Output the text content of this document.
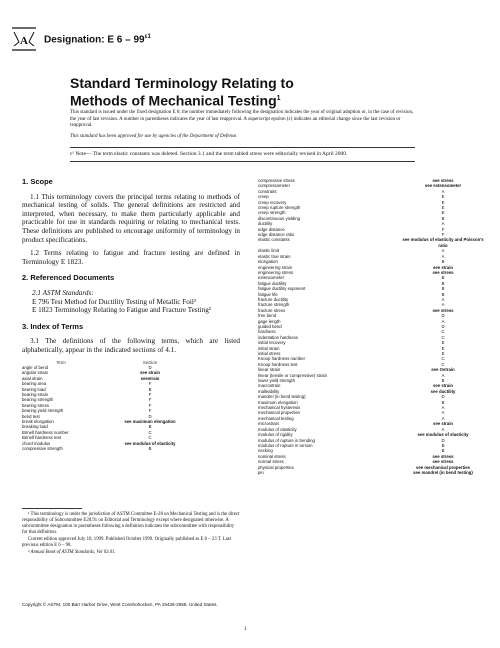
A Designation: E $6 - 99^{\varepsilon 1}$
Standard Terminology Relating to
Methods of Mechanical Testing$^1$

This standard is issued under the fixed designation E 6; the number immediately following the designation indicates the year of original adoption or, in the case of revision, the year of last revision. A number in parentheses indicates the year of last reapproval. A superscript epsilon (ε) indicates an editorial change since the last revision or reapproval.

This standard has been approved for use by agencies of the Department of Defense.

ε¹ Note— The term elastic constants was deleted. Section 3.1 and the term tabled stress were editorially revised in April 2000.
1. Scope

1.1 This terminology covers the principal terms relating to methods of mechanical testing of solids. The general definitions are restricted and interpreted, when necessary, to make them particularly applicable and practicable for use in standards requiring or relating to mechanical tests. These definitions are published to encourage uniformity of terminology in product specifications.

1.2 Terms relating to fatigue and fracture testing are defined in Terminology E 1823.

2. Referenced Documents
2.1 ASTM Standards:
E 796 Test Method for Ductility Testing of Metallic Foil²
E 1823 Terminology Relating to Fatigue and Fracture Testing²
3. Index of Terms

3.1 The definitions of the following terms, which are listed alphabetically, appear in the indicated sections of 4.1.

Term	Section
angle of bend	D
angular strain	see strain
axial strain	seestrain
bearing area	F
bearing load	B
bearing strain	F
bearing strength	F
bearing stress	F
bearing yield strength	F
bend test	D
break elongation	see maximum elongation
breaking load	B
Brinell hardness number	C
Brinell hardness test	C
chord modulus	see modulus of elasticity
compressive strength	B
compressive stress	see stress
compressometer	see extensometer
constraint	A
creep	E
creep recovery	E
creep rupture strength	E
creep strength	E
discontinuous yielding	B
ductility	A
edge distance	F
edge distance ratio	F
elastic constants	see modulus of elasticity and Poisson's ratio
elastic limit	A
elastic true strain	A
elongation	B
engineering strain	see strain
engineering stress	see stress
extensometer	B
fatigue ductility	B
fatigue ductility exponent	B
fatigue life	B
fracture ductility	A
fracture strength	A
fracture stress	see stress
free bend	D
gage length	A
guided bend	D
hardness	C
indentation hardness	C
initial recovery	E
initial strain	E
initial stress	E
Knoop hardness number	C
Knoop hardness test	C
linear strain	see Ostrain
linear (tensile or compressive) strain	A
lower yield strength	B
macrostrain	see strain
malleability	see ductility
mandrel (in bend testing)	D
maximum elongation	B
mechanical hysteresis	A
mechanical properties	A
mechanical testing	A
microstrain	see strain
modulus of elasticity	A
modulus of rigidity	see modulus of elasticity
modulus of rupture in bending	D
modulus of rupture in torsion	B
necking	B
nominal stress	see stress
normal stress	see stress
physical properties	see mechanical properties
pin	see mandrel (in bend testing)

¹ This terminology is under the jurisdiction of ASTM Committee E-28 on Mechanical Testing and is the direct responsibility of Subcommittee E28.91 on Editorial and Terminology except where designated otherwise. A subcommittee designation in parentheses following a definition indicates the subcommittee with responsibility for that definition.

Current edition approved July 10, 1999. Published October 1999. Originally published as E 6 – 23 T. Last previous edition E 6 – 98.

² Annual Book of ASTM Standards, Vol 03.01.

Copyright © ASTM, 100 Barr Harbor Drive, West Conshohocken, PA 19428-2959, United States.
1
